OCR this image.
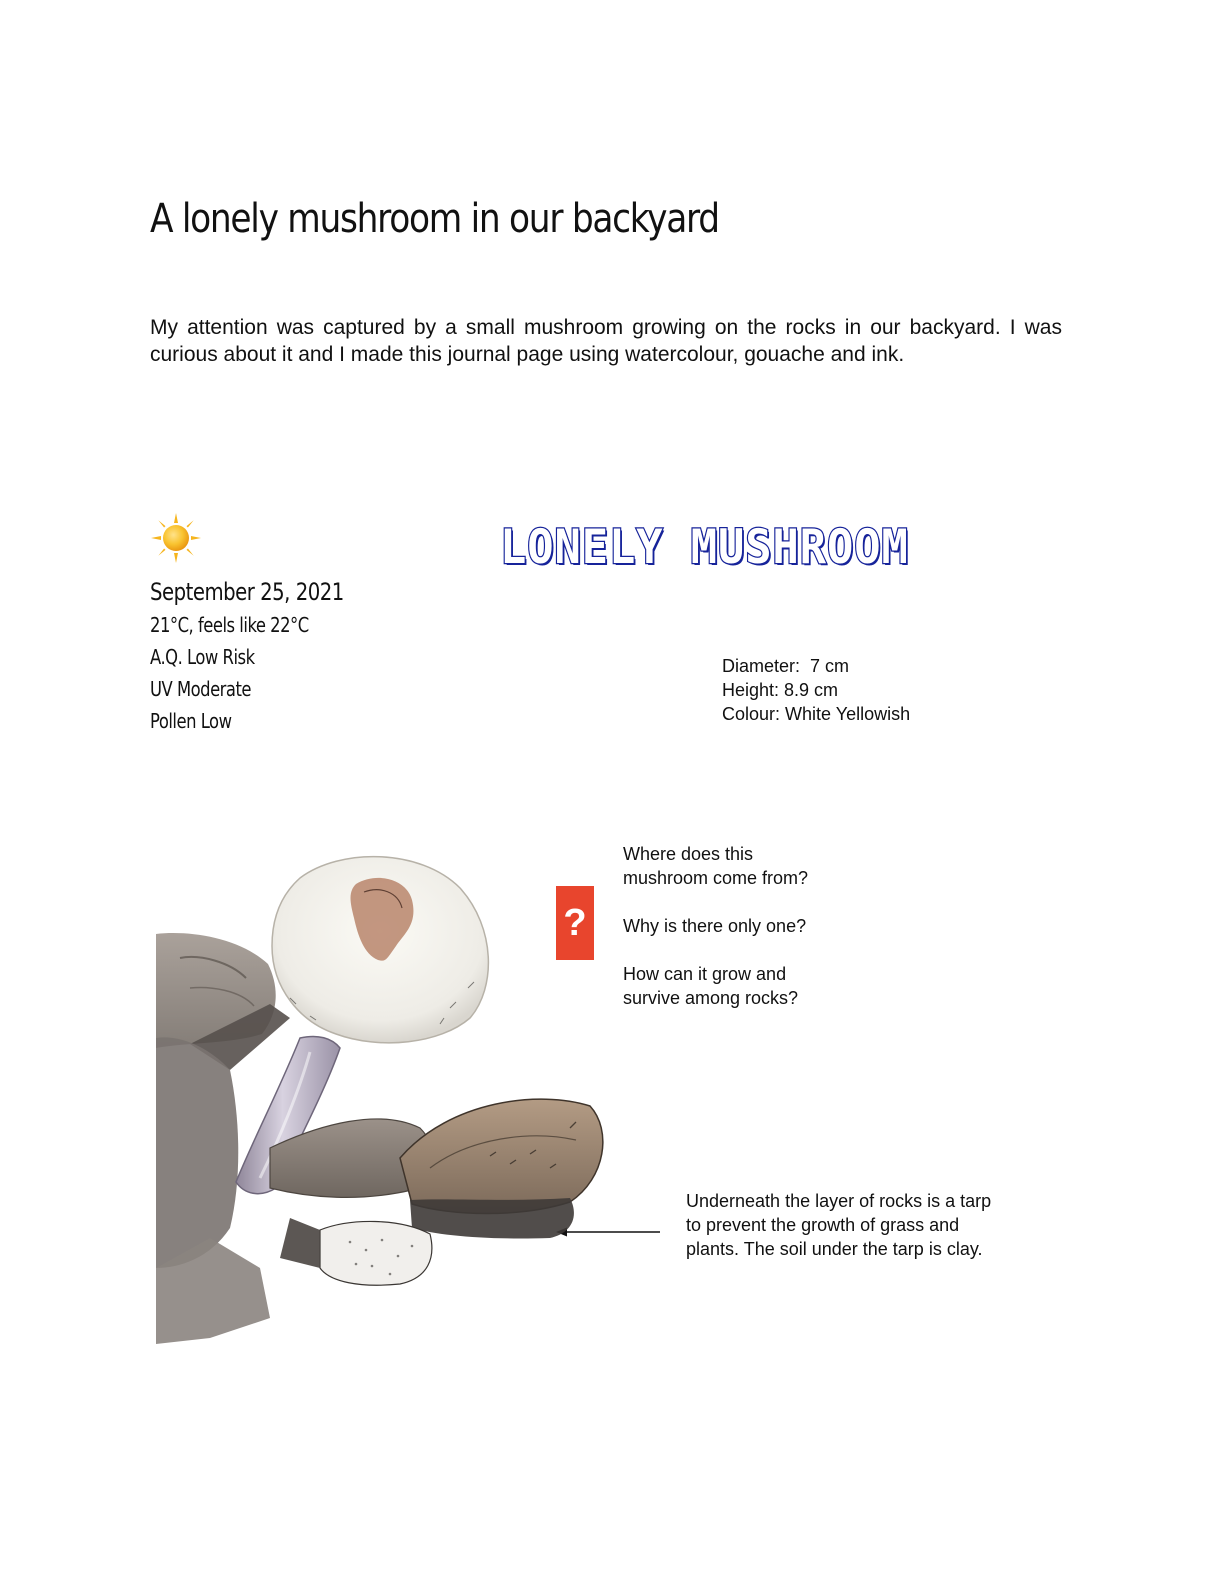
A lonely mushroom in our backyard

My attention was captured by a small mushroom growing on the rocks in our backyard. I was curious about it and I made this journal page using watercolour, gouache and ink.

September 25, 2021
21°C, feels like 22°C
A.Q. Low Risk
UV Moderate
Pollen Low
LONELY MUSHROOM
Diameter:  7 cm
Height: 8.9 cm
Colour: White Yellowish
?

Where does this
mushroom come from?

Why is there only one?

How can it grow and
survive among rocks?

Underneath the layer of rocks is a tarp
to prevent the growth of grass and
plants. The soil under the tarp is clay.
